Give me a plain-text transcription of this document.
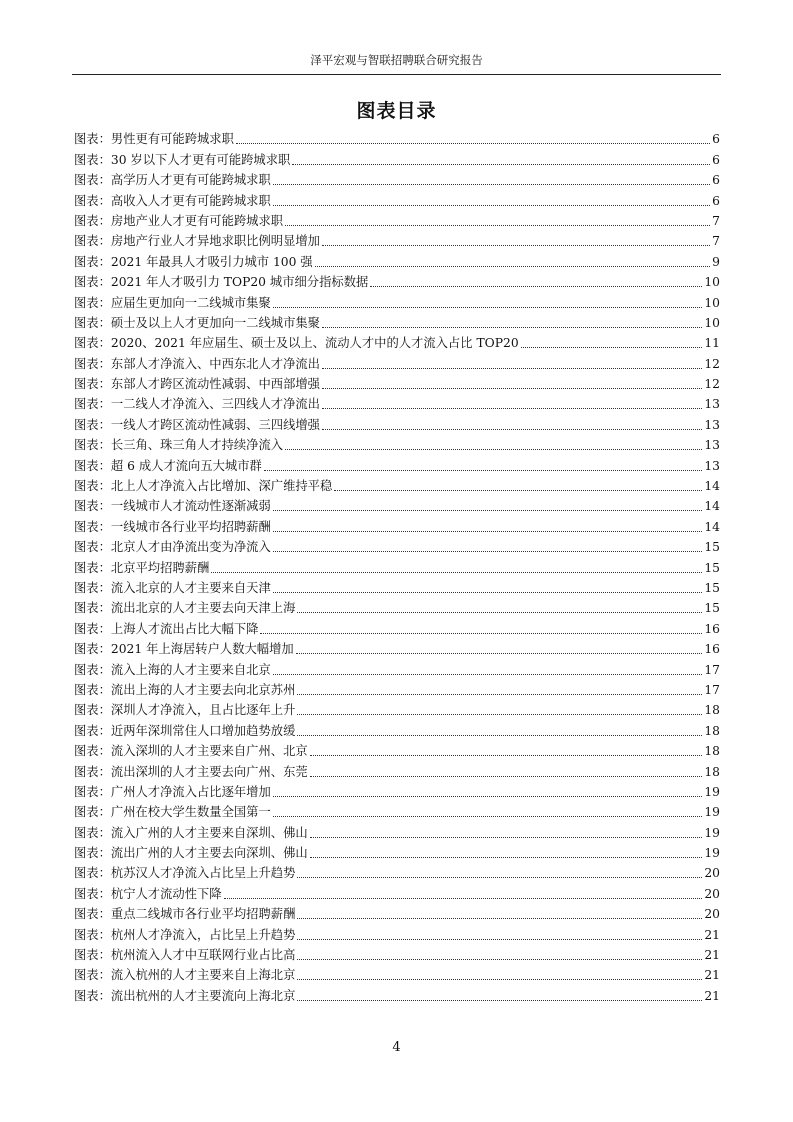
泽平宏观与智联招聘联合研究报告
图表目录
图表： 男性更有可能跨城求职	6
图表： 30 岁以下人才更有可能跨城求职	6
图表： 高学历人才更有可能跨城求职	6
图表： 高收入人才更有可能跨城求职	6
图表： 房地产业人才更有可能跨城求职	7
图表： 房地产行业人才异地求职比例明显增加	7
图表： 2021 年最具人才吸引力城市 100 强	9
图表： 2021 年人才吸引力 TOP20 城市细分指标数据	10
图表： 应届生更加向一二线城市集聚	10
图表： 硕士及以上人才更加向一二线城市集聚	10
图表： 2020、2021 年应届生、硕士及以上、流动人才中的人才流入占比 TOP20	11
图表： 东部人才净流入、中西东北人才净流出	12
图表： 东部人才跨区流动性减弱、中西部增强	12
图表： 一二线人才净流入、三四线人才净流出	13
图表： 一线人才跨区流动性减弱、三四线增强	13
图表： 长三角、珠三角人才持续净流入	13
图表： 超 6 成人才流向五大城市群	13
图表： 北上人才净流入占比增加、深广维持平稳	14
图表： 一线城市人才流动性逐渐减弱	14
图表： 一线城市各行业平均招聘薪酬	14
图表： 北京人才由净流出变为净流入	15
图表： 北京平均招聘薪酬	15
图表： 流入北京的人才主要来自天津	15
图表： 流出北京的人才主要去向天津上海	15
图表： 上海人才流出占比大幅下降	16
图表： 2021 年上海居转户人数大幅增加	16
图表： 流入上海的人才主要来自北京	17
图表： 流出上海的人才主要去向北京苏州	17
图表： 深圳人才净流入，且占比逐年上升	18
图表： 近两年深圳常住人口增加趋势放缓	18
图表： 流入深圳的人才主要来自广州、北京	18
图表： 流出深圳的人才主要去向广州、东莞	18
图表： 广州人才净流入占比逐年增加	19
图表： 广州在校大学生数量全国第一	19
图表： 流入广州的人才主要来自深圳、佛山	19
图表： 流出广州的人才主要去向深圳、佛山	19
图表： 杭苏汉人才净流入占比呈上升趋势	20
图表： 杭宁人才流动性下降	20
图表： 重点二线城市各行业平均招聘薪酬	20
图表： 杭州人才净流入，占比呈上升趋势	21
图表： 杭州流入人才中互联网行业占比高	21
图表： 流入杭州的人才主要来自上海北京	21
图表： 流出杭州的人才主要流向上海北京	21
4
